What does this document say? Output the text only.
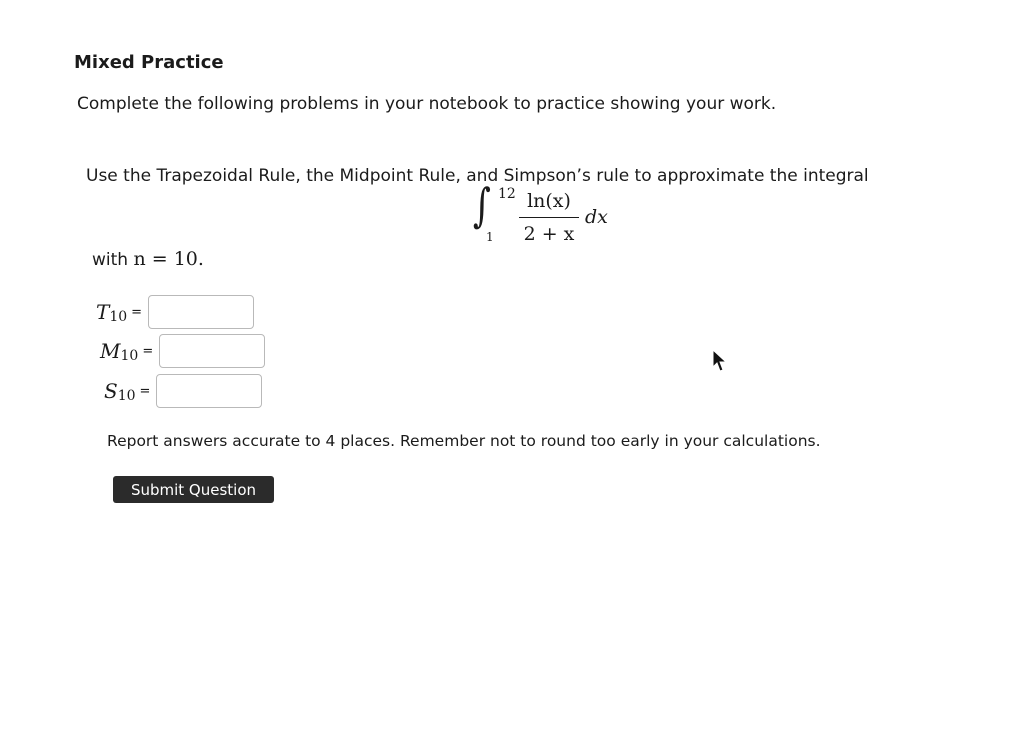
Mixed Practice
Complete the following problems in your notebook to practice showing your work.
Use the Trapezoidal Rule, the Midpoint Rule, and Simpson’s rule to approximate the integral
∫ 12
1
ln(x)
2 + x
dx
with n = 10.
T 10 =
M 10 =
S 10 =
Report answers accurate to 4 places. Remember not to round too early in your calculations.
Submit Question
